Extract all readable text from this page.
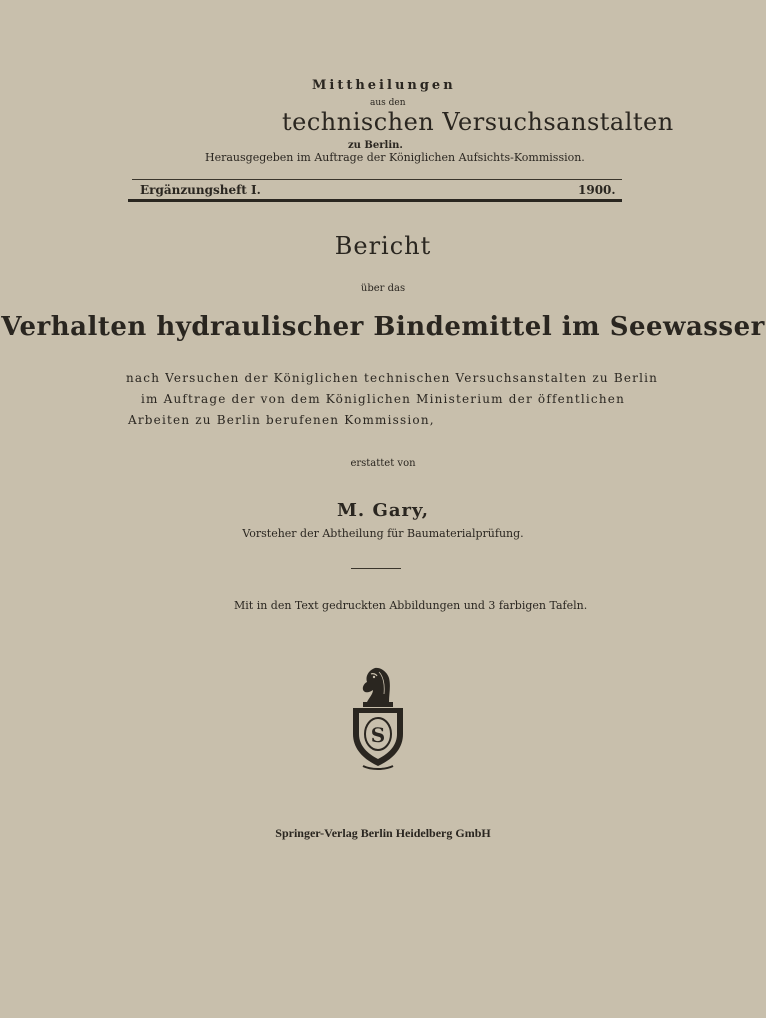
Mittheilungen
aus den
technischen Versuchsanstalten
zu Berlin.
Herausgegeben im Auftrage der Königlichen Aufsichts-Kommission.
Ergänzungsheft I.	1900.
Bericht
über das
Verhalten hydraulischer Bindemittel im Seewasser
nach Versuchen der Königlichen technischen Versuchsanstalten zu Berlin
im Auftrage der von dem Königlichen Ministerium der öffentlichen
Arbeiten zu Berlin berufenen Kommission,
erstattet von
M. Gary,
Vorsteher der Abtheilung für Baumaterialprüfung.
Mit in den Text gedruckten Abbildungen und 3 farbigen Tafeln.
S
Springer-Verlag Berlin Heidelberg GmbH
